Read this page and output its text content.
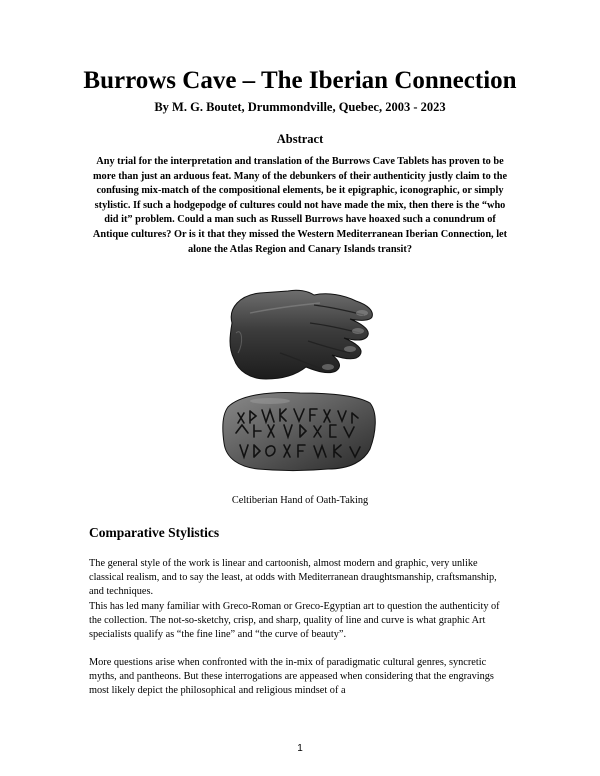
Burrows Cave – The Iberian Connection
By M. G. Boutet, Drummondville, Quebec, 2003 - 2023
Abstract
Any trial for the interpretation and translation of the Burrows Cave Tablets has proven to be more than just an arduous feat. Many of the debunkers of their authenticity justly claim to the confusing mix-match of the compositional elements, be it epigraphic, iconographic, or simply stylistic. If such a hodgepodge of cultures could not have made the mix, then there is the “who did it” problem. Could a man such as Russell Burrows have hoaxed such a conundrum of Antique cultures? Or is it that they missed the Western Mediterranean Iberian Connection, let alone the Atlas Region and Canary Islands transit?
Celtiberian Hand of Oath-Taking
Comparative Stylistics
The general style of the work is linear and cartoonish, almost modern and graphic, very unlike classical realism, and to say the least, at odds with Mediterranean draughtsmanship, craftsmanship, and techniques.
This has led many familiar with Greco-Roman or Greco-Egyptian art to question the authenticity of the collection. The not-so-sketchy, crisp, and sharp, quality of line and curve is what graphic Art specialists qualify as “the fine line” and “the curve of beauty”.
More questions arise when confronted with the in-mix of paradigmatic cultural genres, syncretic myths, and pantheons. But these interrogations are appeased when considering that the engravings most likely depict the philosophical and religious mindset of a
1
